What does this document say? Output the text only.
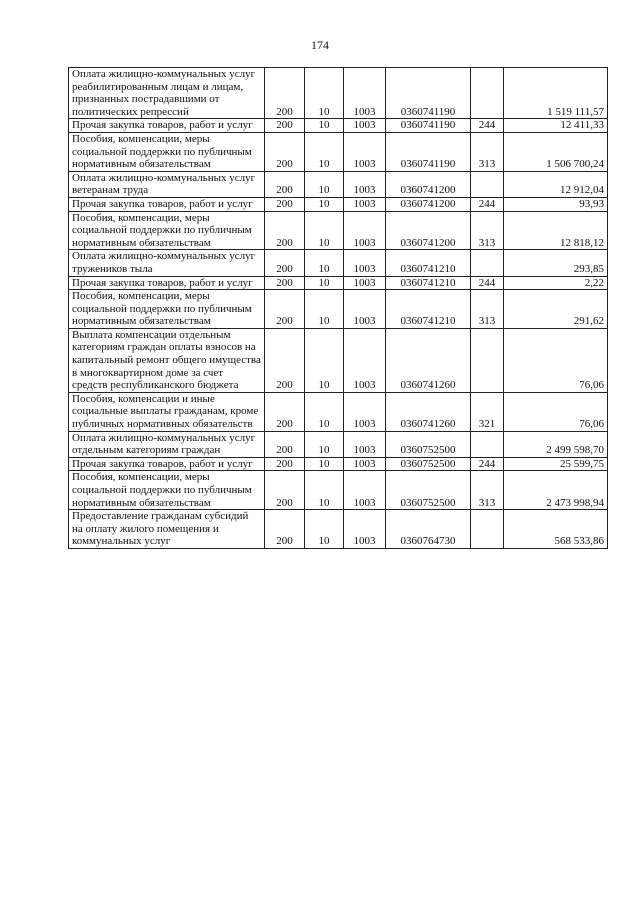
174
Оплата жилищно-коммунальных услуг реабилитированным лицам и лицам, признанных пострадавшими от политических репрессий	200	10	1003	0360741190		1 519 111,57
Прочая закупка товаров, работ и услуг	200	10	1003	0360741190	244	12 411,33
Пособия, компенсации, меры социальной поддержки по публичным нормативным обязательствам	200	10	1003	0360741190	313	1 506 700,24
Оплата жилищно-коммунальных услуг ветеранам труда	200	10	1003	0360741200		12 912,04
Прочая закупка товаров, работ и услуг	200	10	1003	0360741200	244	93,93
Пособия, компенсации, меры социальной поддержки по публичным нормативным обязательствам	200	10	1003	0360741200	313	12 818,12
Оплата жилищно-коммунальных услуг тружеников тыла	200	10	1003	0360741210		293,85
Прочая закупка товаров, работ и услуг	200	10	1003	0360741210	244	2,22
Пособия, компенсации, меры социальной поддержки по публичным нормативным обязательствам	200	10	1003	0360741210	313	291,62
Выплата компенсации отдельным категориям граждан оплаты взносов на капитальный ремонт общего имущества в многоквартирном доме за счет средств республиканского бюджета	200	10	1003	0360741260		76,06
Пособия, компенсации и иные социальные выплаты гражданам, кроме публичных нормативных обязательств	200	10	1003	0360741260	321	76,06
Оплата жилищно-коммунальных услуг отдельным категориям граждан	200	10	1003	0360752500		2 499 598,70
Прочая закупка товаров, работ и услуг	200	10	1003	0360752500	244	25 599,75
Пособия, компенсации, меры социальной поддержки по публичным нормативным обязательствам	200	10	1003	0360752500	313	2 473 998,94
Предоставление гражданам субсидий на оплату жилого помещения и коммунальных услуг	200	10	1003	0360764730		568 533,86
